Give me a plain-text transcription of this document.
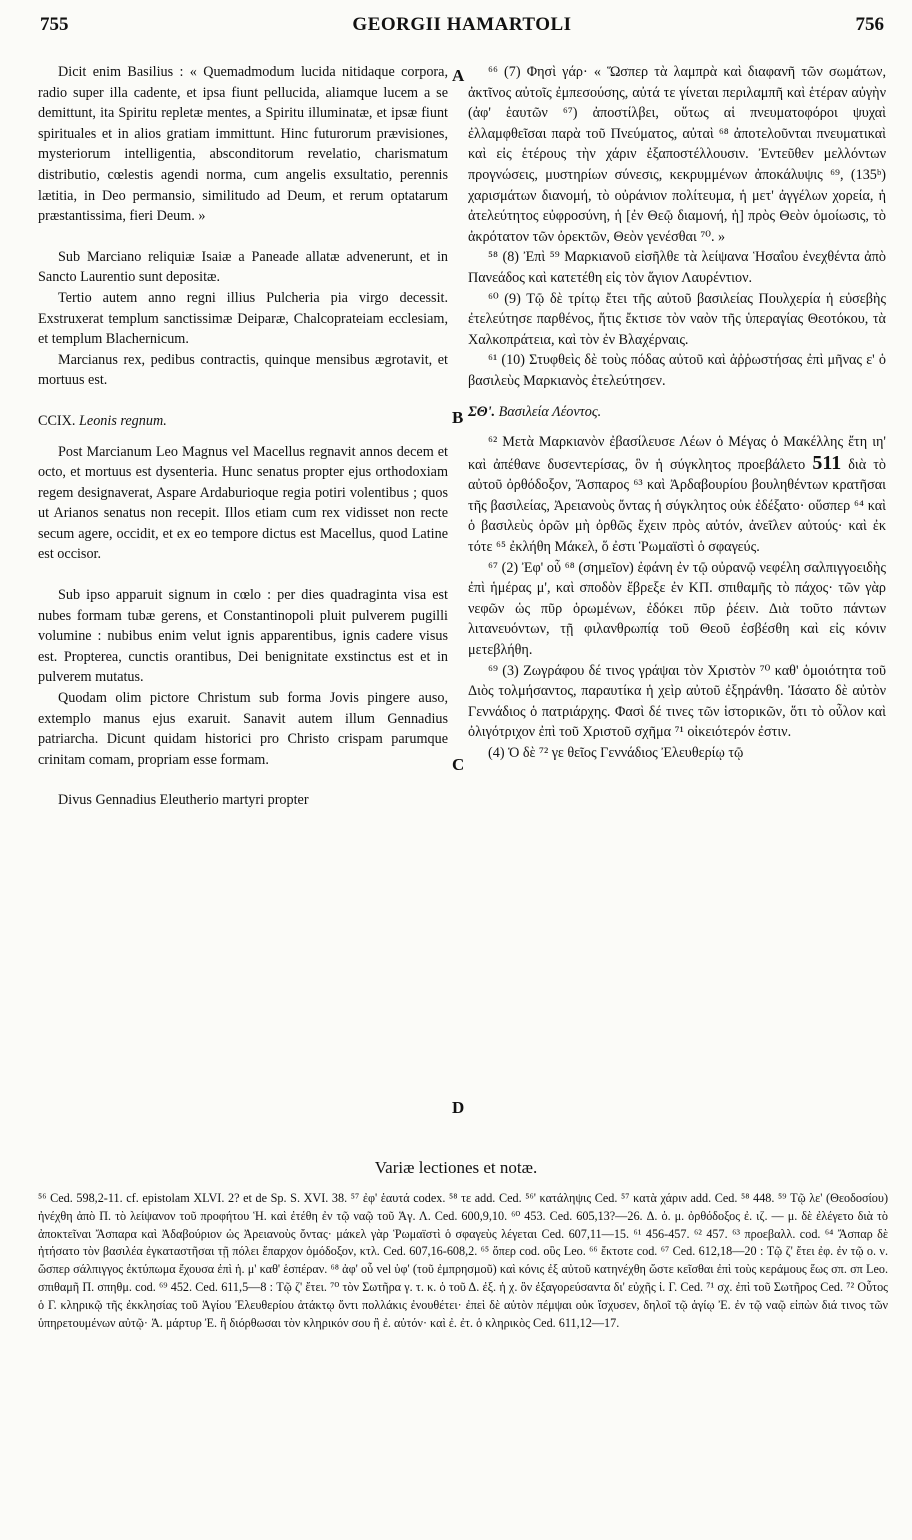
755	GEORGII HAMARTOLI	756

Dicit enim Basilius : « Quemadmodum lucida nitidaque corpora, radio super illa cadente, et ipsa fiunt pellucida, aliamque lucem a se demittunt, ita Spiritu repletæ mentes, a Spiritu illuminatæ, et ipsæ fiunt spirituales et in alios gratiam immittunt. Hinc futurorum prævisiones, mysteriorum intelligentia, absconditorum revelatio, charismatum distributio, cœlestis agendi norma, cum angelis exsultatio, perennis lætitia, in Deo permansio, similitudo ad Deum, et rerum optatarum præstantissima, fieri Deum. »

Sub Marciano reliquiæ Isaiæ a Paneade allatæ advenerunt, et in Sancto Laurentio sunt depositæ.

Tertio autem anno regni illius Pulcheria pia virgo decessit. Exstruxerat templum sanctissimæ Deiparæ, Chalcoprateiam ecclesiam, et templum Blachernicum.

Marcianus rex, pedibus contractis, quinque mensibus ægrotavit, et mortuus est.

CCIX. Leonis regnum.

Post Marcianum Leo Magnus vel Macellus regnavit annos decem et octo, et mortuus est dysenteria. Hunc senatus propter ejus orthodoxiam regem designaverat, Aspare Ardaburioque regia potiri volentibus ; quos ut Arianos senatus non recepit. Illos etiam cum rex vidisset non recte secum agere, occidit, et ex eo tempore dictus est Macellus, quod Latine est occisor.

Sub ipso apparuit signum in cœlo : per dies quadraginta visa est nubes formam tubæ gerens, et Constantinopoli pluit pulverem pugilli volumine : nubibus enim velut ignis apparentibus, ignis cadere visus est. Propterea, cunctis orantibus, Dei benignitate exstinctus est et in pulverem mutatus.

Quodam olim pictore Christum sub forma Jovis pingere auso, extemplo manus ejus exaruit. Sanavit autem illum Gennadius patriarcha. Dicunt quidam historici pro Christo crispam parumque crinitam comam, propriam esse formam.

Divus Gennadius Eleutherio martyri propter

A
B
C
D

⁶⁶ (7) Φησὶ γάρ· « Ὥσπερ τὰ λαμπρὰ καὶ διαφανῆ τῶν σωμάτων, ἀκτῖνος αὐτοῖς ἐμπεσούσης, αὐτά τε γίνεται περιλαμπῆ καὶ ἑτέραν αὐγὴν (ἀφ' ἑαυτῶν ⁶⁷) ἀποστίλβει, οὕτως αἱ πνευματοφόροι ψυχαὶ ἐλλαμφθεῖσαι παρὰ τοῦ Πνεύματος, αὐταὶ ⁶⁸ ἀποτελοῦνται πνευματικαὶ καὶ εἰς ἑτέρους τὴν χάριν ἐξαποστέλλουσιν. Ἐντεῦθεν μελλόντων προγνώσεις, μυστηρίων σύνεσις, κεκρυμμένων ἀποκάλυψις ⁶⁹, (135ᵇ) χαρισμάτων διανομή, τὸ οὐράνιον πολίτευμα, ἡ μετ' ἀγγέλων χορεία, ἡ ἀτελεύτητος εὐφροσύνη, ἡ [ἐν Θεῷ διαμονή, ἡ] πρὸς Θεὸν ὁμοίωσις, τὸ ἀκρότατον τῶν ὀρεκτῶν, Θεὸν γενέσθαι ⁷⁰. »

⁵⁸ (8) Ἐπὶ ⁵⁹ Μαρκιανοῦ εἰσῆλθε τὰ λείψανα Ἡσαΐου ἐνεχθέντα ἀπὸ Πανεάδος καὶ κατετέθη εἰς τὸν ἅγιον Λαυρέντιον.

⁶⁰ (9) Τῷ δὲ τρίτῳ ἔτει τῆς αὐτοῦ βασιλείας Πουλχερία ἡ εὐσεβὴς ἐτελεύτησε παρθένος, ἥτις ἔκτισε τὸν ναὸν τῆς ὑπεραγίας Θεοτόκου, τὰ Χαλκοπράτεια, καὶ τὸν ἐν Βλαχέρναις.

⁶¹ (10) Στυφθεὶς δὲ τοὺς πόδας αὐτοῦ καὶ ἀῤῥωστήσας ἐπὶ μῆνας ε' ὁ βασιλεὺς Μαρκιανὸς ἐτελεύτησεν.

ΣΘ'. Βασιλεία Λέοντος.

⁶² Μετὰ Μαρκιανὸν ἐβασίλευσε Λέων ὁ Μέγας ὁ Μακέλλης ἔτη ιη' καὶ ἀπέθανε δυσεντερίσας, ὃν ἡ σύγκλητος προεβάλετο 511 διὰ τὸ αὐτοῦ ὀρθόδοξον, Ἄσπαρος ⁶³ καὶ Ἀρδαβουρίου βουληθέντων κρατῆσαι τῆς βασιλείας, Ἀρειανοὺς ὄντας ἡ σύγκλητος οὐκ ἐδέξατο· οὕσπερ ⁶⁴ καὶ ὁ βασιλεὺς ὁρῶν μὴ ὀρθῶς ἔχειν πρὸς αὐτόν, ἀνεῖλεν αὐτούς· καὶ ἐκ τότε ⁶⁵ ἐκλήθη Μάκελ, ὅ ἐστι Ῥωμαϊστὶ ὁ σφαγεύς.

⁶⁷ (2) Ἐφ' οὗ ⁶⁸ (σημεῖον) ἐφάνη ἐν τῷ οὐρανῷ νεφέλη σαλπιγγοειδὴς ἐπὶ ἡμέρας μ', καὶ σποδὸν ἔβρεξε ἐν ΚΠ. σπιθαμῆς τὸ πάχος· τῶν γὰρ νεφῶν ὡς πῦρ ὁρωμένων, ἐδόκει πῦρ ῥέειν. Διὰ τοῦτο πάντων λιτανευόντων, τῇ φιλανθρωπίᾳ τοῦ Θεοῦ ἐσβέσθη καὶ εἰς κόνιν μετεβλήθη.

⁶⁹ (3) Ζωγράφου δέ τινος γράψαι τὸν Χριστὸν ⁷⁰ καθ' ὁμοιότητα τοῦ Διὸς τολμήσαντος, παραυτίκα ἡ χεὶρ αὐτοῦ ἐξηράνθη. Ἰάσατο δὲ αὐτὸν Γεννάδιος ὁ πατριάρχης. Φασὶ δέ τινες τῶν ἱστορικῶν, ὅτι τὸ οὖλον καὶ ὀλιγότριχον ἐπὶ τοῦ Χριστοῦ σχῆμα ⁷¹ οἰκειότερόν ἐστιν.

(4) Ὁ δὲ ⁷² γε θεῖος Γεννάδιος Ἐλευθερίῳ τῷ

Variæ lectiones et notæ.

⁵⁶ Ced. 598,2-11. cf. epistolam XLVI. 2? et de Sp. S. XVI. 38. ⁵⁷ ἐφ' ἑαυτά codex. ⁵⁸ τε add. Ced. ⁵⁶' κατάληψις Ced. ⁵⁷ κατὰ χάριν add. Ced. ⁵⁸ 448. ⁵⁹ Τῷ λε' (Θεοδοσίου) ἠνέχθη ἀπὸ Π. τὸ λείψανον τοῦ προφήτου Ἡ. καὶ ἐτέθη ἐν τῷ ναῷ τοῦ Ἁγ. Λ. Ced. 600,9,10. ⁶⁰ 453. Ced. 605,13?—26. Δ. ὁ. μ. ὀρθόδοξος ἐ. ιζ. — μ. δὲ ἐλέγετο διὰ τὸ ἀποκτεῖναι Ἄσπαρα καὶ Ἀδαβούριον ὡς Ἀρειανοὺς ὄντας· μάκελ γὰρ Ῥωμαϊστὶ ὁ σφαγεὺς λέγεται Ced. 607,11—15. ⁶¹ 456-457. ⁶² 457. ⁶³ προεβαλλ. cod. ⁶⁴ Ἄσπαρ δὲ ἠτήσατο τὸν βασιλέα ἐγκαταστῆσαι τῇ πόλει ἔπαρχον ὁμόδοξον, κτλ. Ced. 607,16-608,2. ⁶⁵ ὅπερ cod. οὓς Leo. ⁶⁶ ἔκτοτε cod. ⁶⁷ Ced. 612,18—20 : Τῷ ζ' ἔτει ἐφ. ἐν τῷ ο. ν. ὥσπερ σάλπιγγος ἐκτύπωμα ἔχουσα ἐπὶ ἡ. μ' καθ' ἑσπέραν. ⁶⁸ ἀφ' οὗ vel ὑφ' (τοῦ ἐμπρησμοῦ) καὶ κόνις ἐξ αὐτοῦ κατηνέχθη ὥστε κεῖσθαι ἐπὶ τοὺς κεράμους ἕως σπ. σπ Leo. σπιθαμῆ Π. σπηθμ. cod. ⁶⁹ 452. Ced. 611,5—8 : Τῷ ζ' ἔτει. ⁷⁰ τὸν Σωτῆρα γ. τ. κ. ὁ τοῦ Δ. ἐξ. ἡ χ. ὃν ἐξαγορεύσαντα δι' εὐχῆς ἰ. Γ. Ced. ⁷¹ σχ. ἐπὶ τοῦ Σωτῆρος Ced. ⁷² Οὗτος ὁ Γ. κληρικῷ τῆς ἐκκλησίας τοῦ Ἁγίου Ἐλευθερίου ἀτάκτῳ ὄντι πολλάκις ἐνουθέτει· ἐπεὶ δὲ αὐτὸν πέμψαι οὐκ ἴσχυσεν, δηλοῖ τῷ ἁγίῳ Ἐ. ἐν τῷ ναῷ εἰπὼν διά τινος τῶν ὑπηρετουμένων αὐτῷ· Ἁ. μάρτυρ Ἐ. ἢ διόρθωσαι τὸν κληρικόν σου ἢ ἐ. αὐτόν· καὶ ἐ. ἐτ. ὁ κληρικὸς Ced. 611,12—17.
